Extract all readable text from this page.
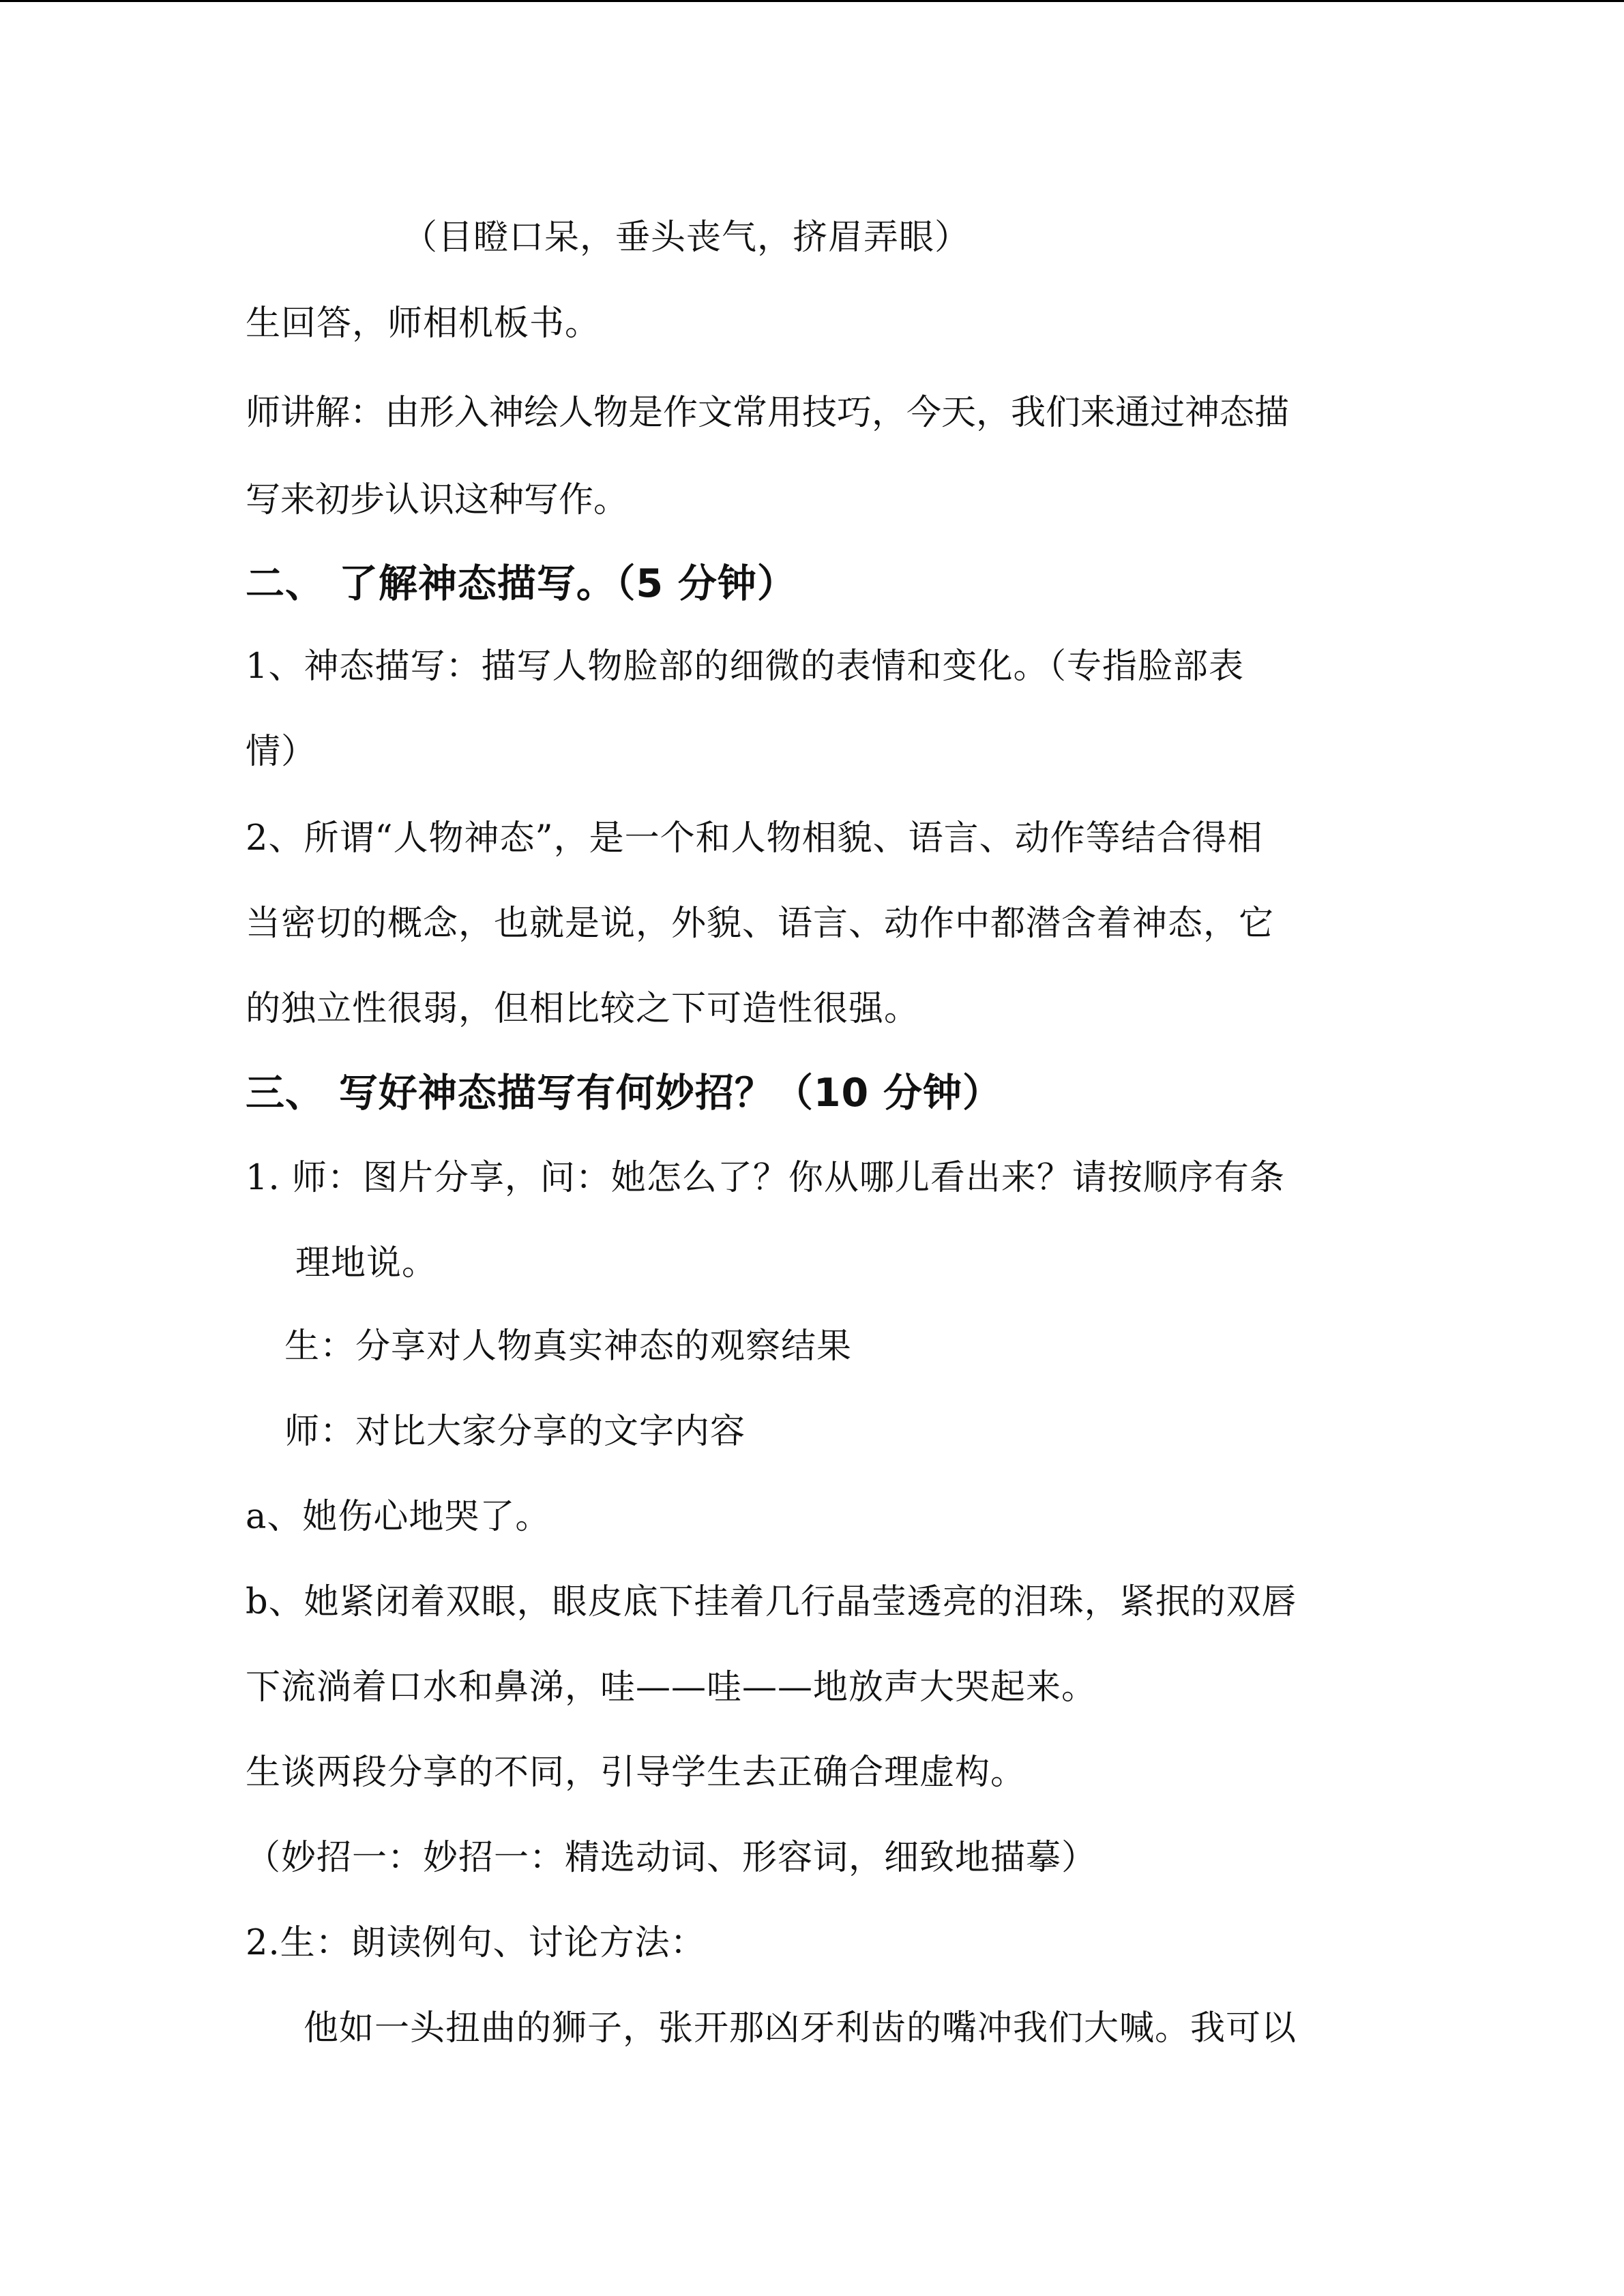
（目瞪口呆，垂头丧气，挤眉弄眼）
生回答，师相机板书。
师讲解：由形入神绘人物是作文常用技巧，今天，我们来通过神态描
写来初步认识这种写作。
二、 了解神态描写。（5 分钟）
1、神态描写：描写人物脸部的细微的表情和变化。（专指脸部表
情）
2、所谓“人物神态”，是一个和人物相貌、语言、动作等结合得相
当密切的概念，也就是说，外貌、语言、动作中都潜含着神态，它
的独立性很弱，但相比较之下可造性很强。
三、 写好神态描写有何妙招？（10 分钟）
1. 师：图片分享，问：她怎么了？你从哪儿看出来？请按顺序有条
理地说。
生：分享对人物真实神态的观察结果
师：对比大家分享的文字内容
a、她伤心地哭了。
b、她紧闭着双眼，眼皮底下挂着几行晶莹透亮的泪珠，紧抿的双唇
下流淌着口水和鼻涕，哇——哇——地放声大哭起来。
生谈两段分享的不同，引导学生去正确合理虚构。
（妙招一：妙招一：精选动词、形容词，细致地描摹）
2.生：朗读例句、讨论方法：
他如一头扭曲的狮子，张开那凶牙利齿的嘴冲我们大喊。我可以
